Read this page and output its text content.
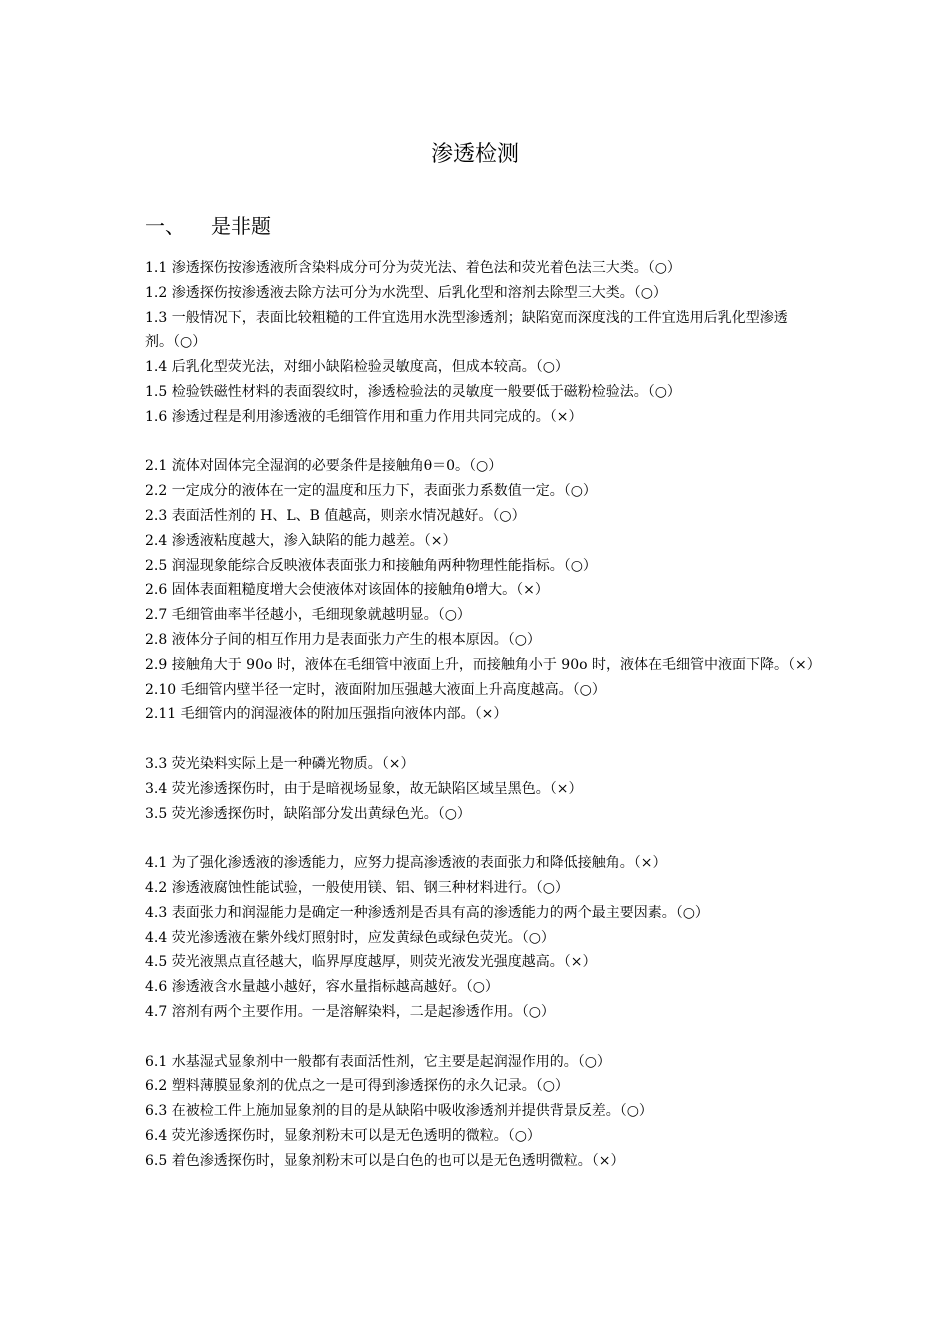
渗透检测
一、 是非题

1.1 渗透探伤按渗透液所含染料成分可分为荧光法、着色法和荧光着色法三大类。（○）

1.2 渗透探伤按渗透液去除方法可分为水洗型、后乳化型和溶剂去除型三大类。（○）

1.3 一般情况下，表面比较粗糙的工件宜选用水洗型渗透剂；缺陷宽而深度浅的工件宜选用后乳化型渗透剂。（○）

1.4 后乳化型荧光法，对细小缺陷检验灵敏度高，但成本较高。（○）

1.5 检验铁磁性材料的表面裂纹时，渗透检验法的灵敏度一般要低于磁粉检验法。（○）

1.6 渗透过程是利用渗透液的毛细管作用和重力作用共同完成的。（×）

2.1 流体对固体完全湿润的必要条件是接触角θ＝0。（○）

2.2 一定成分的液体在一定的温度和压力下，表面张力系数值一定。（○）

2.3 表面活性剂的 H、L、B 值越高，则亲水情况越好。（○）

2.4 渗透液粘度越大，渗入缺陷的能力越差。（×）

2.5 润湿现象能综合反映液体表面张力和接触角两种物理性能指标。（○）

2.6 固体表面粗糙度增大会使液体对该固体的接触角θ增大。（×）

2.7 毛细管曲率半径越小，毛细现象就越明显。（○）

2.8 液体分子间的相互作用力是表面张力产生的根本原因。（○）

2.9 接触角大于 90o 时，液体在毛细管中液面上升，而接触角小于 90o 时，液体在毛细管中液面下降。（×）

2.10 毛细管内壁半径一定时，液面附加压强越大液面上升高度越高。（○）

2.11 毛细管内的润湿液体的附加压强指向液体内部。（×）

3.3 荧光染料实际上是一种磷光物质。（×）

3.4 荧光渗透探伤时，由于是暗视场显象，故无缺陷区域呈黑色。（×）

3.5 荧光渗透探伤时，缺陷部分发出黄绿色光。（○）

4.1 为了强化渗透液的渗透能力，应努力提高渗透液的表面张力和降低接触角。（×）

4.2 渗透液腐蚀性能试验，一般使用镁、铝、钢三种材料进行。（○）

4.3 表面张力和润湿能力是确定一种渗透剂是否具有高的渗透能力的两个最主要因素。（○）

4.4 荧光渗透液在紫外线灯照射时，应发黄绿色或绿色荧光。（○）

4.5 荧光液黑点直径越大，临界厚度越厚，则荧光液发光强度越高。（×）

4.6 渗透液含水量越小越好，容水量指标越高越好。（○）

4.7 溶剂有两个主要作用。一是溶解染料，二是起渗透作用。（○）

6.1 水基湿式显象剂中一般都有表面活性剂，它主要是起润湿作用的。（○）

6.2 塑料薄膜显象剂的优点之一是可得到渗透探伤的永久记录。（○）

6.3 在被检工件上施加显象剂的目的是从缺陷中吸收渗透剂并提供背景反差。（○）

6.4 荧光渗透探伤时，显象剂粉末可以是无色透明的微粒。（○）

6.5 着色渗透探伤时，显象剂粉末可以是白色的也可以是无色透明微粒。（×）
